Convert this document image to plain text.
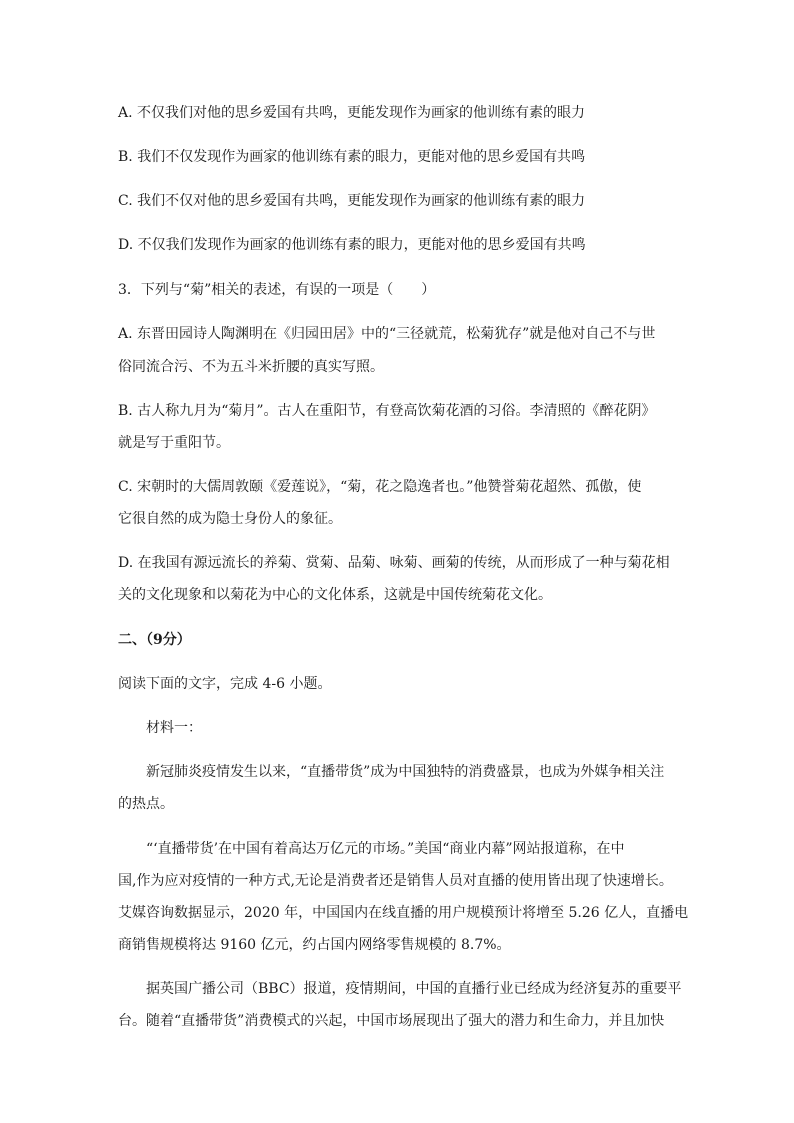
A. 不仅我们对他的思乡爱国有共鸣，更能发现作为画家的他训练有素的眼力
B. 我们不仅发现作为画家的他训练有素的眼力，更能对他的思乡爱国有共鸣
C. 我们不仅对他的思乡爱国有共鸣，更能发现作为画家的他训练有素的眼力
D. 不仅我们发现作为画家的他训练有素的眼力，更能对他的思乡爱国有共鸣
3．下列与“菊”相关的表述，有误的一项是（　　）
A. 东晋田园诗人陶渊明在《归园田居》中的“三径就荒，松菊犹存”就是他对自己不与世
俗同流合污、不为五斗米折腰的真实写照。
B. 古人称九月为“菊月”。古人在重阳节，有登高饮菊花酒的习俗。李清照的《醉花阴》
就是写于重阳节。
C. 宋朝时的大儒周敦颐《爱莲说》，“菊，花之隐逸者也。”他赞誉菊花超然、孤傲，使
它很自然的成为隐士身份人的象征。
D. 在我国有源远流长的养菊、赏菊、品菊、咏菊、画菊的传统，从而形成了一种与菊花相
关的文化现象和以菊花为中心的文化体系，这就是中国传统菊花文化。
二、（9分）
阅读下面的文字，完成 4-6 小题。
材料一：
新冠肺炎疫情发生以来，“直播带货”成为中国独特的消费盛景，也成为外媒争相关注
的热点。
“‘直播带货’在中国有着高达万亿元的市场。”美国“商业内幕”网站报道称，在中
国,作为应对疫情的一种方式,无论是消费者还是销售人员对直播的使用皆出现了快速增长。
艾媒咨询数据显示，2020 年，中国国内在线直播的用户规模预计将增至 5.26 亿人，直播电
商销售规模将达 9160 亿元，约占国内网络零售规模的 8.7%。
据英国广播公司（BBC）报道，疫情期间，中国的直播行业已经成为经济复苏的重要平
台。随着“直播带货”消费模式的兴起，中国市场展现出了强大的潜力和生命力，并且加快
